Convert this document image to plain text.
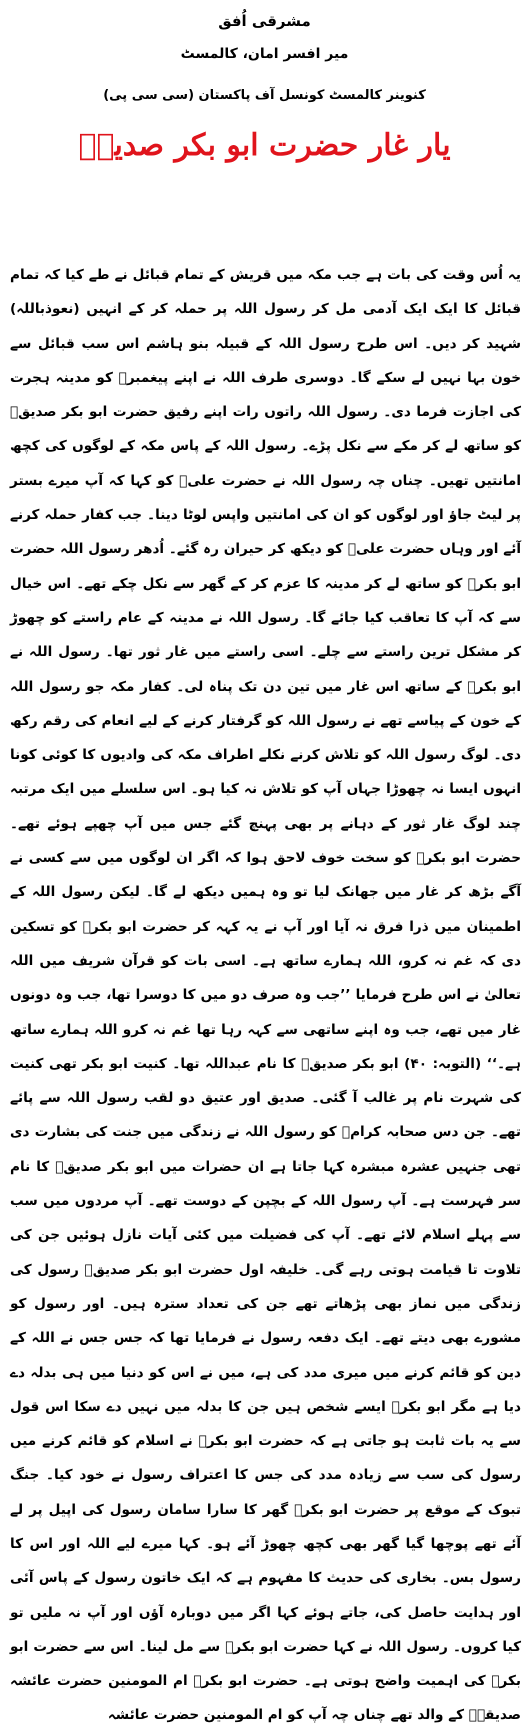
مشرقی اُفق
میر افسر امان، کالمسٹ
کنوینر کالمسٹ کونسل آف پاکستان (سی سی پی)
یار غار حضرت ابو بکر صدیقؓ
یہ اُس وقت کی بات ہے جب مکہ میں قریش کے تمام قبائل نے طے کیا کہ تمام قبائل کا ایک ایک آدمی مل کر رسول اللہ پر حملہ کر کے انہیں (نعوذباللہ) شہید کر دیں۔ اس طرح رسول اللہ کے قبیلہ بنو ہاشم اس سب قبائل سے خون بہا نہیں لے سکے گا۔ دوسری طرف اللہ نے اپنے پیغمبرؐ کو مدینہ ہجرت کی اجازت فرما دی۔ رسول اللہ راتوں رات اپنے رفیق حضرت ابو بکر صدیقؓ کو ساتھ لے کر مکے سے نکل پڑے۔ رسول اللہ کے پاس مکہ کے لوگوں کی کچھ امانتیں تھیں۔ چناں چہ رسول اللہ نے حضرت علیؓ کو کہا کہ آپ میرے بستر پر لیٹ جاؤ اور لوگوں کو ان کی امانتیں واپس لوٹا دینا۔ جب کفار حملہ کرنے آئے اور وہاں حضرت علیؓ کو دیکھ کر حیران رہ گئے۔ اُدھر رسول اللہ حضرت ابو بکرؓ کو ساتھ لے کر مدینہ کا عزم کر کے گھر سے نکل چکے تھے۔ اس خیال سے کہ آپ کا تعاقب کیا جائے گا۔ رسول اللہ نے مدینہ کے عام راستے کو چھوڑ کر مشکل ترین راستے سے چلے۔ اسی راستے میں غار ثور تھا۔ رسول اللہ نے ابو بکرؓ کے ساتھ اس غار میں تین دن تک پناہ لی۔ کفار مکہ جو رسول اللہ کے خون کے پیاسے تھے نے رسول اللہ کو گرفتار کرنے کے لیے انعام کی رقم رکھ دی۔ لوگ رسول اللہ کو تلاش کرنے نکلے اطراف مکہ کی وادیوں کا کوئی کونا انہوں ایسا نہ چھوڑا جہاں آپ کو تلاش نہ کیا ہو۔ اس سلسلے میں ایک مرتبہ چند لوگ غار ثور کے دہانے پر بھی پہنچ گئے جس میں آپ چھپے ہوئے تھے۔ حضرت ابو بکرؓ کو سخت خوف لاحق ہوا کہ اگر ان لوگوں میں سے کسی نے آگے بڑھ کر غار میں جھانک لیا تو وہ ہمیں دیکھ لے گا۔ لیکن رسول اللہ کے اطمینان میں ذرا فرق نہ آیا اور آپ نے یہ کہہ کر حضرت ابو بکرؓ کو تسکین دی کہ غم نہ کرو، اللہ ہمارے ساتھ ہے۔ اسی بات کو قرآن شریف میں اللہ تعالیٰ نے اس طرح فرمایا ’’جب وہ صرف دو میں کا دوسرا تھا، جب وہ دونوں غار میں تھے، جب وہ اپنے ساتھی سے کہہ رہا تھا غم نہ کرو اللہ ہمارے ساتھ ہے۔‘‘ (التوبہ: ۴۰) ابو بکر صدیقؓ کا نام عبداللہ تھا۔ کنیت ابو بکر تھی کنیت کی شہرت نام پر غالب آ گئی۔ صدیق اور عتیق دو لقب رسول اللہ سے پائے تھے۔ جن دس صحابہ کرامؓ کو رسول اللہ نے زندگی میں جنت کی بشارت دی تھی جنہیں عشرہ مبشرہ کہا جاتا ہے ان حضرات میں ابو بکر صدیقؓ کا نام سر فہرست ہے۔ آپ رسول اللہ کے بچپن کے دوست تھے۔ آپ مردوں میں سب سے پہلے اسلام لائے تھے۔ آپ کی فضیلت میں کئی آیات نازل ہوئیں جن کی تلاوت تا قیامت ہوتی رہے گی۔ خلیفہ اول حضرت ابو بکر صدیقؓ رسول کی زندگی میں نماز بھی پڑھاتے تھے جن کی تعداد سترہ ہیں۔ اور رسول کو مشورے بھی دیتے تھے۔ ایک دفعہ رسول نے فرمایا تھا کہ جس جس نے اللہ کے دین کو قائم کرنے میں میری مدد کی ہے، میں نے اس کو دنیا میں ہی بدلہ دے دیا ہے مگر ابو بکرؓ ایسے شخص ہیں جن کا بدلہ میں نہیں دے سکا اس قول سے یہ بات ثابت ہو جاتی ہے کہ حضرت ابو بکرؓ نے اسلام کو قائم کرنے میں رسول کی سب سے زیادہ مدد کی جس کا اعتراف رسول نے خود کیا۔ جنگ تبوک کے موقع پر حضرت ابو بکرؓ گھر کا سارا سامان رسول کی اپیل پر لے آئے تھے پوچھا گیا گھر بھی کچھ چھوڑ آئے ہو۔ کہا میرے لیے اللہ اور اس کا رسول بس۔ بخاری کی حدیث کا مفہوم ہے کہ ایک خاتون رسول کے پاس آئی اور ہدایت حاصل کی، جاتے ہوئے کہا اگر میں دوبارہ آؤں اور آپ نہ ملیں تو کیا کروں۔ رسول اللہ نے کہا حضرت ابو بکرؓ سے مل لینا۔ اس سے حضرت ابو بکرؓ کی اہمیت واضح ہوتی ہے۔ حضرت ابو بکرؓ ام المومنین حضرت عائشہ صدیقہؓ کے والد تھے چناں چہ آپ کو ام المومنین حضرت عائشہ
